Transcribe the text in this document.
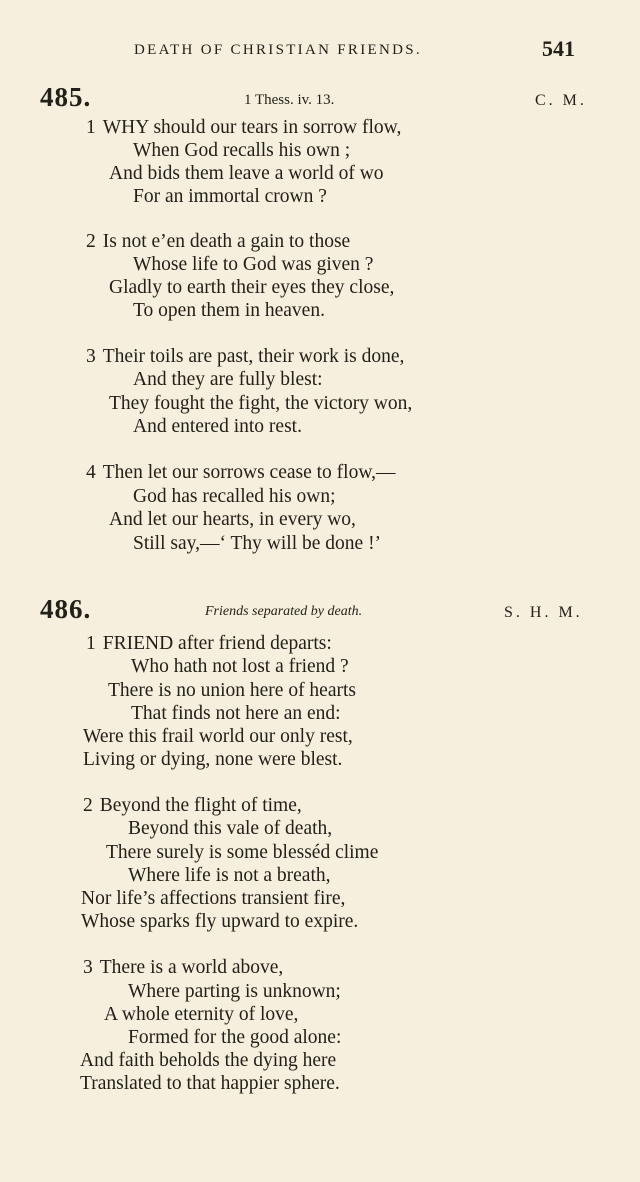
DEATH OF CHRISTIAN FRIENDS.	541
485.	1 Thess. iv. 13.	C. M.
1 WHY should our tears in sorrow flow,
When God recalls his own ;
And bids them leave a world of wo
For an immortal crown ?
2 Is not e’en death a gain to those
Whose life to God was given ?
Gladly to earth their eyes they close,
To open them in heaven.
3 Their toils are past, their work is done,
And they are fully blest:
They fought the fight, the victory won,
And entered into rest.
4 Then let our sorrows cease to flow,—
God has recalled his own;
And let our hearts, in every wo,
Still say,—‘ Thy will be done !’
486.	Friends separated by death.	S. H. M.
1 FRIEND after friend departs:
Who hath not lost a friend ?
There is no union here of hearts
That finds not here an end:
Were this frail world our only rest,
Living or dying, none were blest.
2 Beyond the flight of time,
Beyond this vale of death,
There surely is some blesséd clime
Where life is not a breath,
Nor life’s affections transient fire,
Whose sparks fly upward to expire.
3 There is a world above,
Where parting is unknown;
A whole eternity of love,
Formed for the good alone:
And faith beholds the dying here
Translated to that happier sphere.
